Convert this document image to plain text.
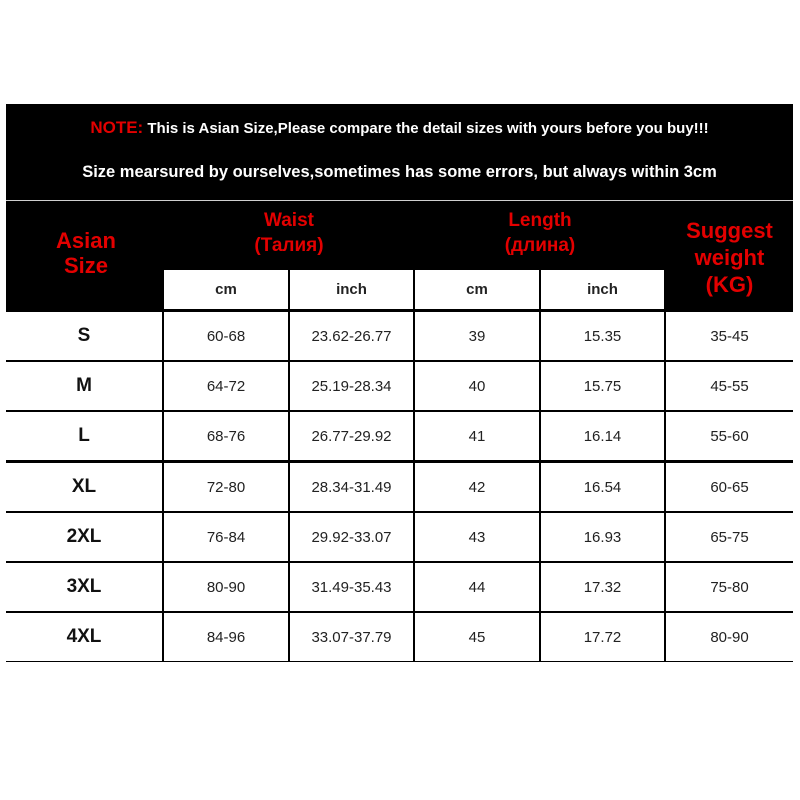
NOTE: This is Asian Size,Please compare the detail sizes with yours before you buy!!!
Size mearsured by ourselves,sometimes has some errors, but always within 3cm
Asian
Size
Waist
(Талия)
Length
(длина)
Suggest
weight
(KG)
cm	inch	cm	inch
S	60-68	23.62-26.77	39	15.35	35-45
M	64-72	25.19-28.34	40	15.75	45-55
L	68-76	26.77-29.92	41	16.14	55-60
XL	72-80	28.34-31.49	42	16.54	60-65
2XL	76-84	29.92-33.07	43	16.93	65-75
3XL	80-90	31.49-35.43	44	17.32	75-80
4XL	84-96	33.07-37.79	45	17.72	80-90
